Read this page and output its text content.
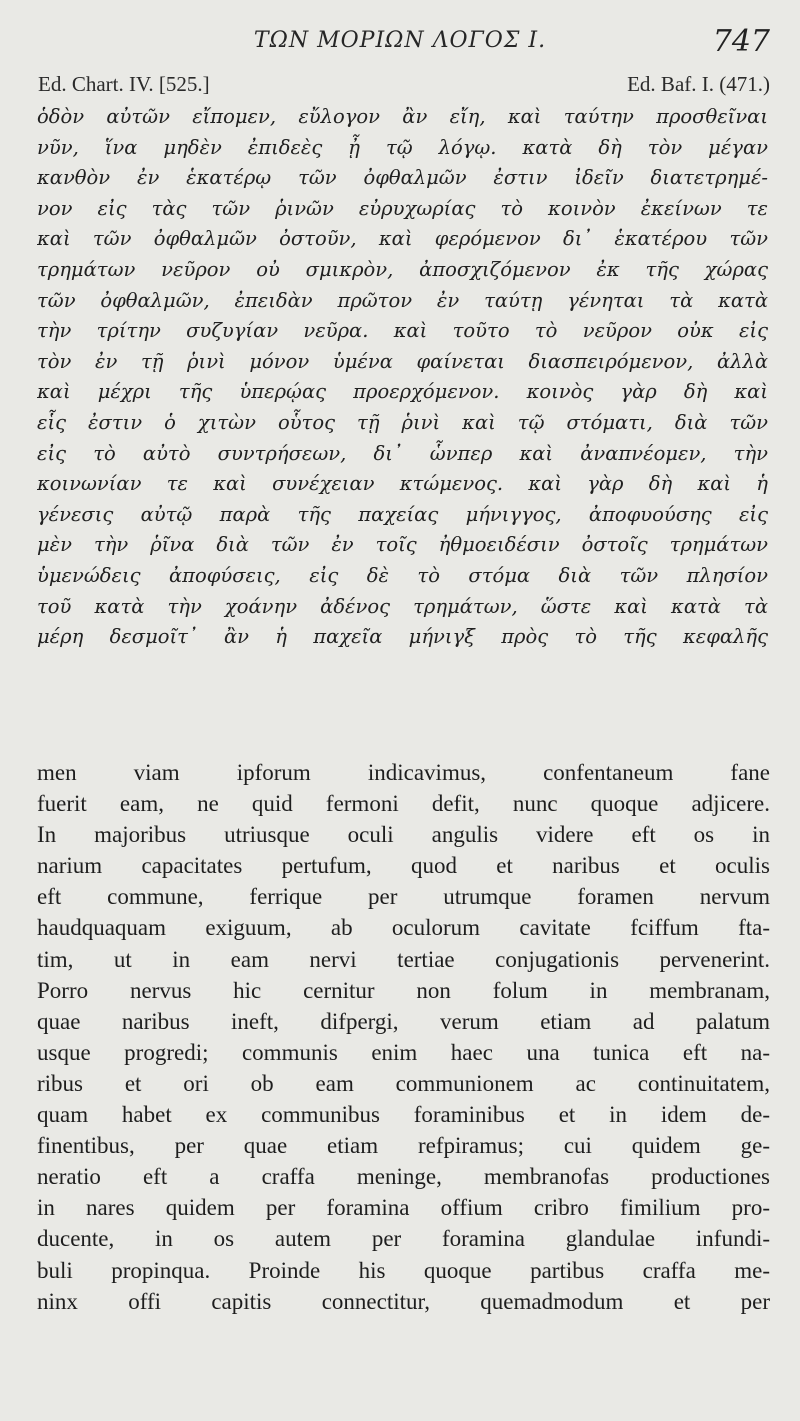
ΤΩΝ ΜΟΡΙΩΝ ΛΟΓΟΣ Ι.	747
Ed. Chart. IV. [525.]	Ed. Baf. I. (471.)
ὁδὸν αὐτῶν εἴπομεν, εὔλογον ἂν εἴη, καὶ ταύτην προσθεῖναι
νῦν, ἵνα μηδὲν ἐπιδεὲς ᾖ τῷ λόγῳ. κατὰ δὴ τὸν μέγαν
κανθὸν ἐν ἑκατέρῳ τῶν ὀφθαλμῶν ἐστιν ἰδεῖν διατετρημέ-
νον εἰς τὰς τῶν ῥινῶν εὐρυχωρίας τὸ κοινὸν ἐκείνων τε
καὶ τῶν ὀφθαλμῶν ὀστοῦν, καὶ φερόμενον δι᾽ ἑκατέρου τῶν
τρημάτων νεῦρον οὐ σμικρὸν, ἀποσχιζόμενον ἐκ τῆς χώρας
τῶν ὀφθαλμῶν, ἐπειδὰν πρῶτον ἐν ταύτῃ γένηται τὰ κατὰ
τὴν τρίτην συζυγίαν νεῦρα. καὶ τοῦτο τὸ νεῦρον οὐκ εἰς
τὸν ἐν τῇ ῥινὶ μόνον ὑμένα φαίνεται διασπειρόμενον, ἀλλὰ
καὶ μέχρι τῆς ὑπερῴας προερχόμενον. κοινὸς γὰρ δὴ καὶ
εἷς ἐστιν ὁ χιτὼν οὗτος τῇ ῥινὶ καὶ τῷ στόματι, διὰ τῶν
εἰς τὸ αὐτὸ συντρήσεων, δι᾽ ὧνπερ καὶ ἀναπνέομεν, τὴν
κοινωνίαν τε καὶ συνέχειαν κτώμενος. καὶ γὰρ δὴ καὶ ἡ
γένεσις αὐτῷ παρὰ τῆς παχείας μήνιγγος, ἀποφυούσης εἰς
μὲν τὴν ῥῖνα διὰ τῶν ἐν τοῖς ἠθμοειδέσιν ὀστοῖς τρημάτων
ὑμενώδεις ἀποφύσεις, εἰς δὲ τὸ στόμα διὰ τῶν πλησίον
τοῦ κατὰ τὴν χοάνην ἀδένος τρημάτων, ὥστε καὶ κατὰ τὰ
μέρη δεσμοῖτ᾽ ἂν ἡ παχεῖα μήνιγξ πρὸς τὸ τῆς κεφαλῆς
men viam ipforum indicavimus, confentaneum fane
fuerit eam, ne quid fermoni defit, nunc quoque adjicere.
In majoribus utriusque oculi angulis videre eft os in
narium capacitates pertufum, quod et naribus et oculis
eft commune, ferrique per utrumque foramen nervum
haudquaquam exiguum, ab oculorum cavitate fciffum fta-
tim, ut in eam nervi tertiae conjugationis pervenerint.
Porro nervus hic cernitur non folum in membranam,
quae naribus ineft, difpergi, verum etiam ad palatum
usque progredi; communis enim haec una tunica eft na-
ribus et ori ob eam communionem ac continuitatem,
quam habet ex communibus foraminibus et in idem de-
finentibus, per quae etiam refpiramus; cui quidem ge-
neratio eft a craffa meninge, membranofas productiones
in nares quidem per foramina offium cribro fimilium pro-
ducente, in os autem per foramina glandulae infundi-
buli propinqua. Proinde his quoque partibus craffa me-
ninx offi capitis connectitur, quemadmodum et per
